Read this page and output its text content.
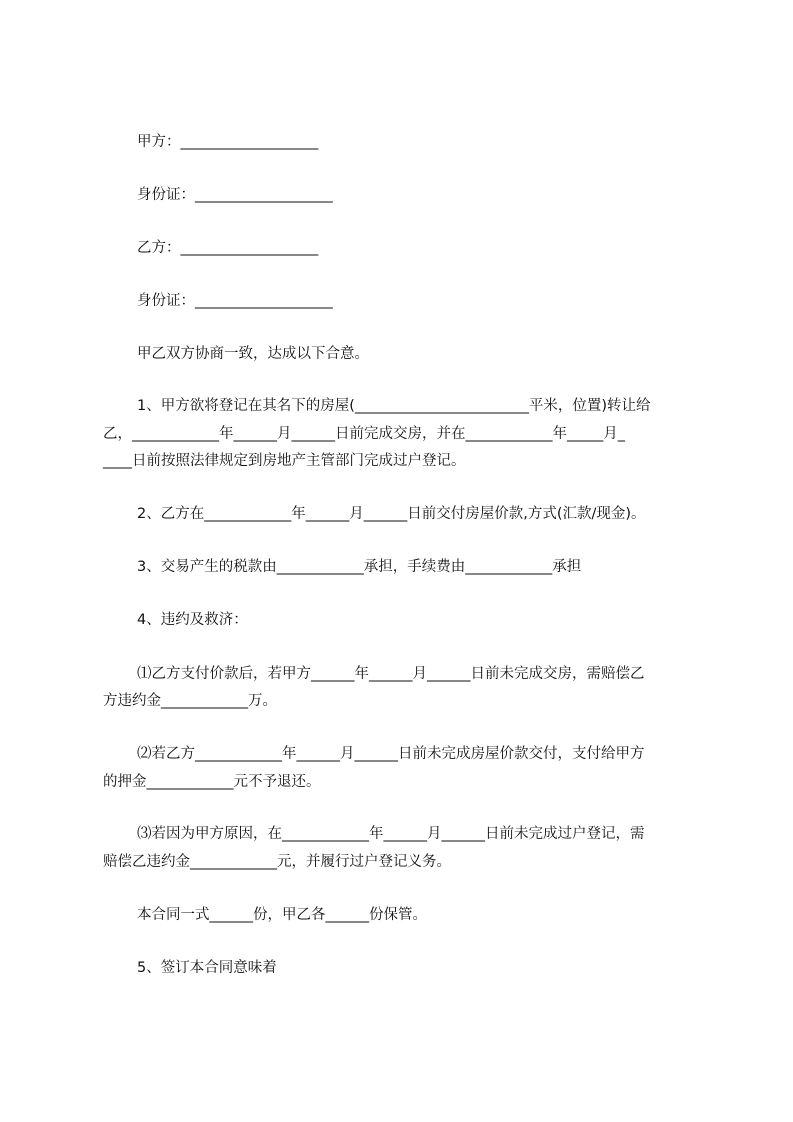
甲方：___________________
身份证：___________________
乙方：___________________
身份证：___________________
甲乙双方协商一致，达成以下合意。
1、甲方欲将登记在其名下的房屋(________________________平米，位置)转让给
乙，____________年______月______日前完成交房，并在____________年_____月_
____日前按照法律规定到房地产主管部门完成过户登记。
2、乙方在____________年______月______日前交付房屋价款,方式(汇款/现金)。
3、交易产生的税款由____________承担，手续费由____________承担
4、违约及救济：
⑴乙方支付价款后，若甲方______年______月______日前未完成交房，需赔偿乙
方违约金____________万。
⑵若乙方____________年______月______日前未完成房屋价款交付，支付给甲方
的押金____________元不予退还。
⑶若因为甲方原因，在____________年______月______日前未完成过户登记，需
赔偿乙违约金____________元，并履行过户登记义务。
本合同一式______份，甲乙各______份保管。
5、签订本合同意味着
